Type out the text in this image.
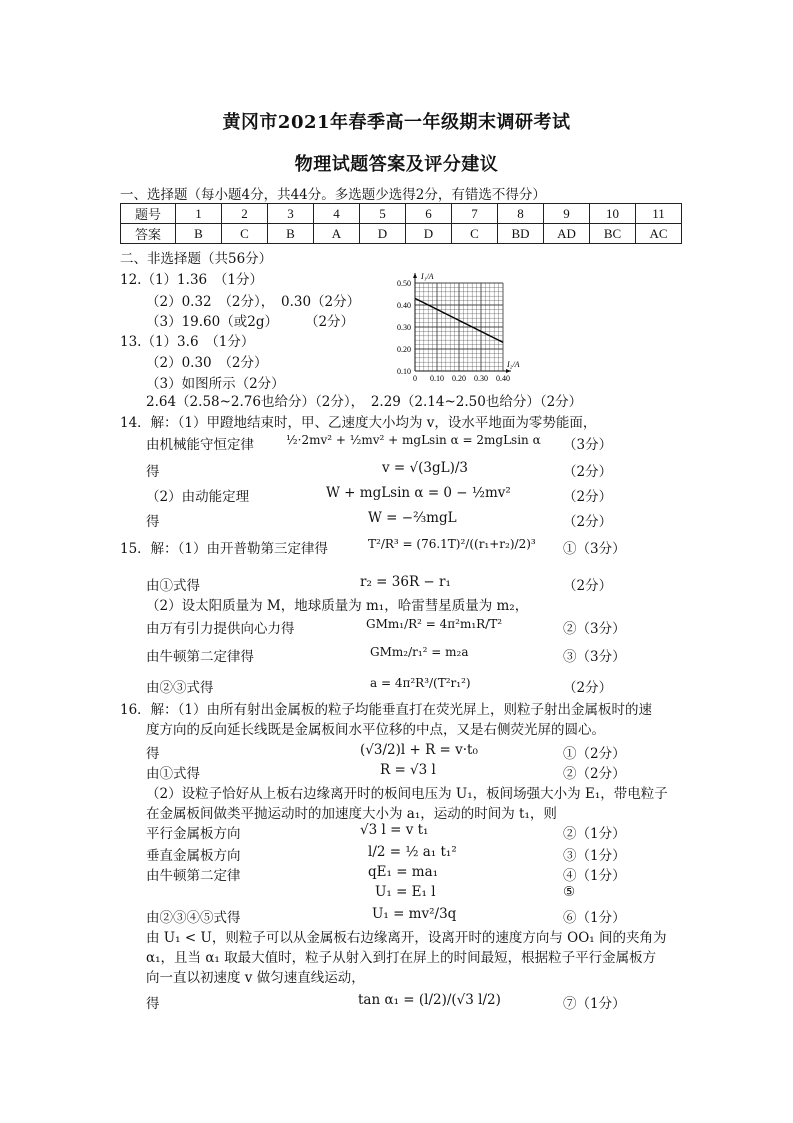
黄冈市2021年春季高一年级期末调研考试
物理试题答案及评分建议
一、选择题（每小题4分，共44分。多选题少选得2分，有错选不得分）
题号	1	2	3	4	5	6	7	8	9	10	11
答案	B	C	B	A	D	D	C	BD	AD	BC	AC
二、非选择题（共56分）
12.（1）1.36　（1分）
（2）0.32　（2分），　0.30（2分）
（3）19.60（或2g）　　　（2分）
13.（1）3.6　（1分）
（2）0.30　（2分）
（3）如图所示（2分）
2.64（2.58~2.76也给分）（2分），　2.29（2.14~2.50也给分）（2分）
0 0.10 0.20 0.30 0.40
0.50
0.40
0.30
0.20
0.10
I₁/A
I₂/A
14．解：（1）甲蹬地结束时，甲、乙速度大小均为 v，设水平地面为零势能面，
由机械能守恒定律	½·2mv² + ½mv² + mgLsin α = 2mgLsin α （3分）
得	v = √(3gL)/3	（2分）
（2）由动能定理	W + mgLsin α = 0 − ½mv²	（2分）
得	W = −⅔mgL	（2分）
15．解：（1）由开普勒第三定律得	T²/R³ = (76.1T)²/((r₁+r₂)/2)³ ①（3分）
由①式得	r₂ = 36R − r₁	（2分）
（2）设太阳质量为 M，地球质量为 m₁，哈雷彗星质量为 m₂，
由万有引力提供向心力得	GMm₁/R² = 4π²m₁R/T²	②（3分）
由牛顿第二定律得	GMm₂/r₁² = m₂a	③（3分）
由②③式得	a = 4π²R³/(T²r₁²)	（2分）
16．解：（1）由所有射出金属板的粒子均能垂直打在荧光屏上，则粒子射出金属板时的速
度方向的反向延长线既是金属板间水平位移的中点，又是右侧荧光屏的圆心。
得	(√3/2)l + R = v·t₀	①（2分）
由①式得	R = √3 l	②（2分）
（2）设粒子恰好从上板右边缘离开时的板间电压为 U₁，板间场强大小为 E₁，带电粒子
在金属板间做类平抛运动时的加速度大小为 a₁，运动的时间为 t₁，则
平行金属板方向	√3 l = v t₁	②（1分）
垂直金属板方向	l/2 = ½ a₁ t₁²	③（1分）
由牛顿第二定律	qE₁ = ma₁	④（1分）
U₁ = E₁ l	⑤
由②③④⑤式得	U₁ = mv²/3q	⑥（1分）
由 U₁ < U，则粒子可以从金属板右边缘离开，设离开时的速度方向与 OO₁ 间的夹角为
α₁，且当 α₁ 取最大值时，粒子从射入到打在屏上的时间最短，根据粒子平行金属板方
向一直以初速度 v 做匀速直线运动，
得	tan α₁ = (l/2)/(√3 l/2)	⑦（1分）
